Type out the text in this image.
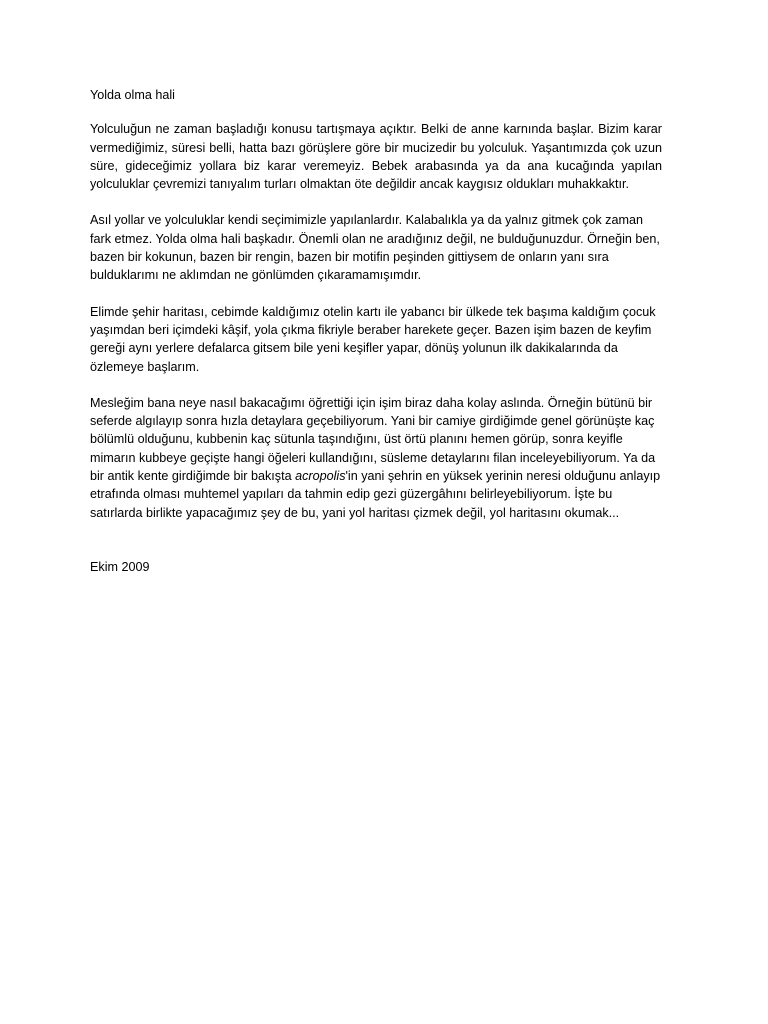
Yolda olma hali

Yolculuğun ne zaman başladığı konusu tartışmaya açıktır. Belki de anne karnında başlar. Bizim karar vermediğimiz, süresi belli, hatta bazı görüşlere göre bir mucizedir bu yolculuk. Yaşantımızda çok uzun süre, gideceğimiz yollara biz karar veremeyiz. Bebek arabasında ya da ana kucağında yapılan yolculuklar çevremizi tanıyalım turları olmaktan öte değildir ancak kaygısız oldukları muhakkaktır.

Asıl yollar ve yolculuklar kendi seçimimizle yapılanlardır. Kalabalıkla ya da yalnız gitmek çok zaman fark etmez. Yolda olma hali başkadır. Önemli olan ne aradığınız değil, ne bulduğunuzdur. Örneğin ben, bazen bir kokunun, bazen bir rengin, bazen bir motifin peşinden gittiysem de onların yanı sıra bulduklarımı ne aklımdan ne gönlümden çıkaramamışımdır.

Elimde şehir haritası, cebimde kaldığımız otelin kartı ile yabancı bir ülkede tek başıma kaldığım çocuk yaşımdan beri içimdeki kâşif, yola çıkma fikriyle beraber harekete geçer. Bazen işim bazen de keyfim gereği aynı yerlere defalarca gitsem bile yeni keşifler yapar, dönüş yolunun ilk dakikalarında da özlemeye başlarım.

Mesleğim bana neye nasıl bakacağımı öğrettiği için işim biraz daha kolay aslında. Örneğin bütünü bir seferde algılayıp sonra hızla detaylara geçebiliyorum. Yani bir camiye girdiğimde genel görünüşte kaç bölümlü olduğunu, kubbenin kaç sütunla taşındığını, üst örtü planını hemen görüp, sonra keyifle mimarın kubbeye geçişte hangi öğeleri kullandığını, süsleme detaylarını filan inceleyebiliyorum. Ya da bir antik kente girdiğimde bir bakışta acropolis'in yani şehrin en yüksek yerinin neresi olduğunu anlayıp etrafında olması muhtemel yapıları da tahmin edip gezi güzergâhını belirleyebiliyorum. İşte bu satırlarda birlikte yapacağımız şey de bu, yani yol haritası çizmek değil, yol haritasını okumak...

Ekim 2009
